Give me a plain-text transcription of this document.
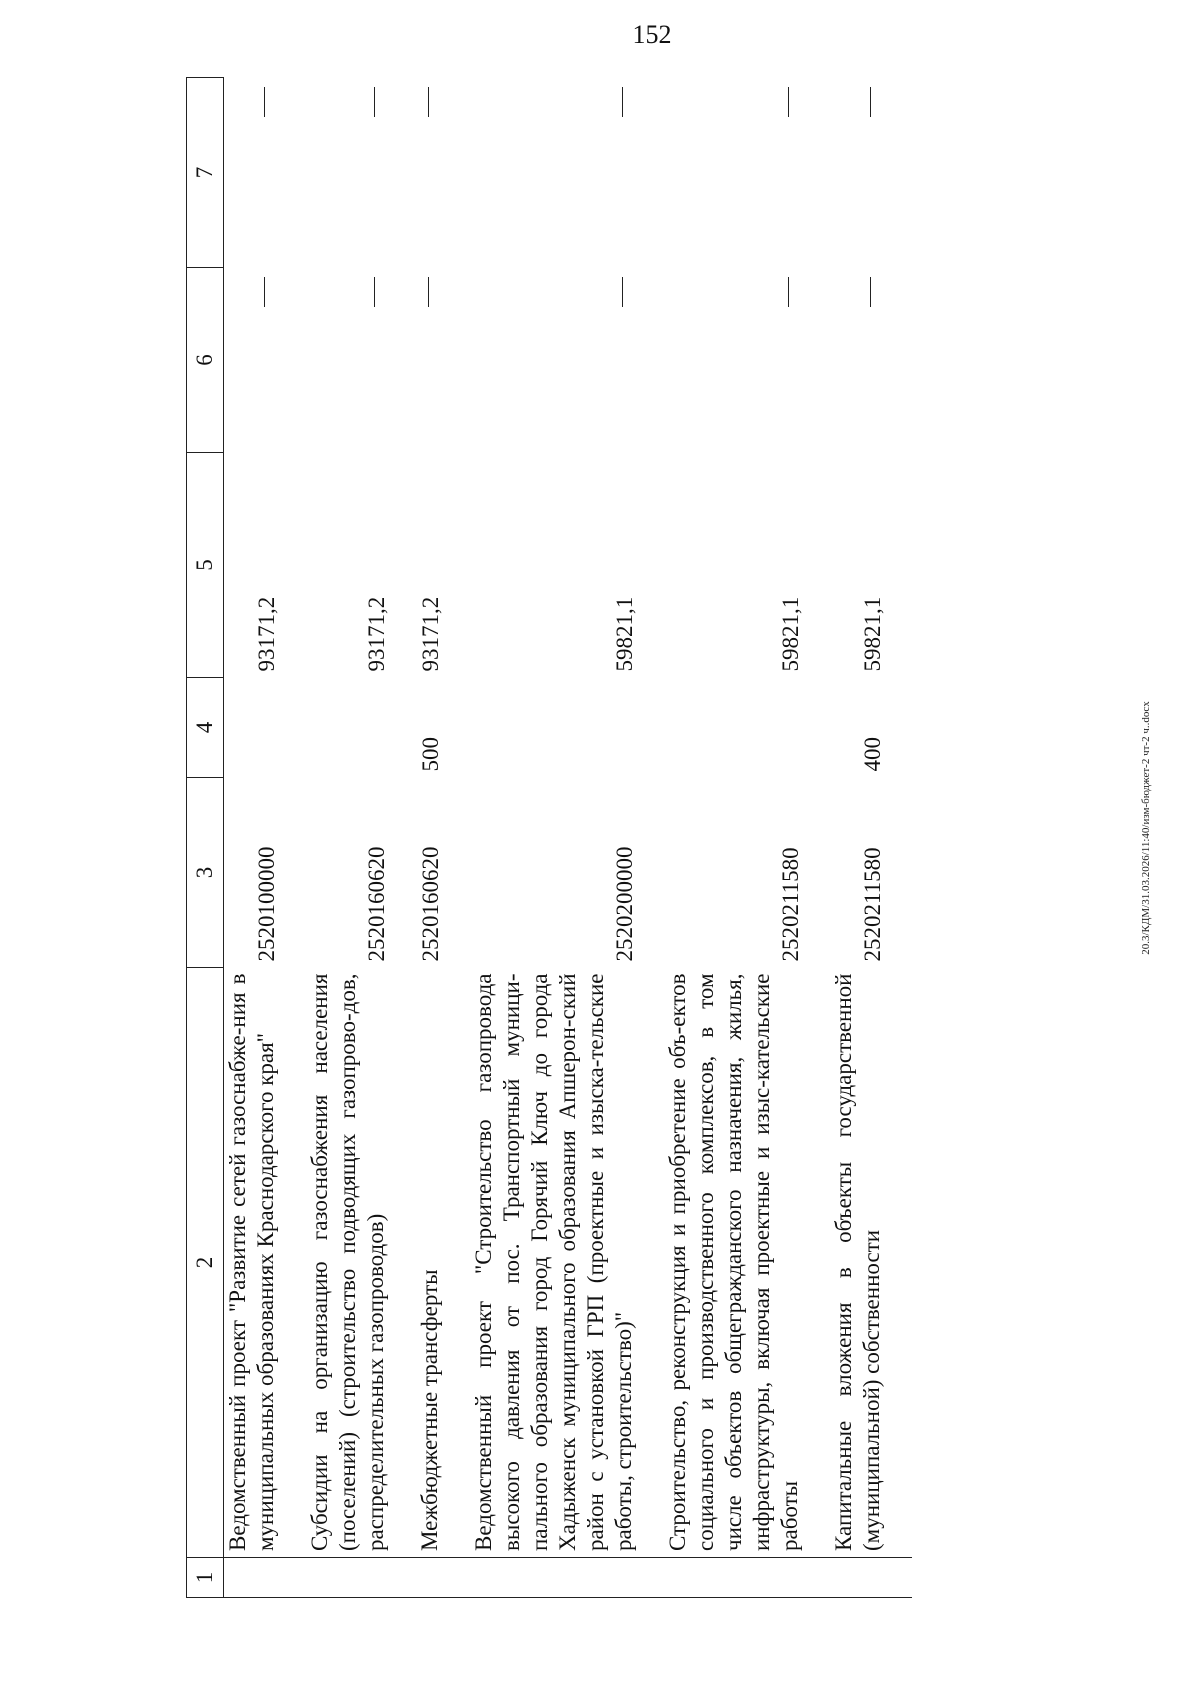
152
20.3/КДМ/31.03.2026/11:40/изм-бюджет-2 чт-2 ч..docx
1	2	3	4	5	6	7
	Ведомственный проект "Развитие сетей газоснабже-ния в муниципальных образованиях Краснодарского края"	2520100000		93171,2		

	Субсидии на организацию газоснабжения населения (поселений) (строительство подводящих газопрово-дов, распределительных газопроводов)	2520160620		93171,2		

	Межбюджетные трансферты	2520160620	500	93171,2		

	Ведомственный проект "Строительство газопровода высокого давления от пос. Транспортный муници-пального образования город Горячий Ключ до города Хадыженск муниципального образования Апшерон-ский район с установкой ГРП (проектные и изыска-тельские работы, строительство)"	2520200000		59821,1		

	Строительство, реконструкция и приобретение объ-ектов социального и производственного комплексов, в том числе объектов общегражданского назначения, жилья, инфраструктуры, включая проектные и изыс-кательские работы	2520211580		59821,1		

	Капитальные вложения в объекты государственной (муниципальной) собственности	2520211580	400	59821,1		
